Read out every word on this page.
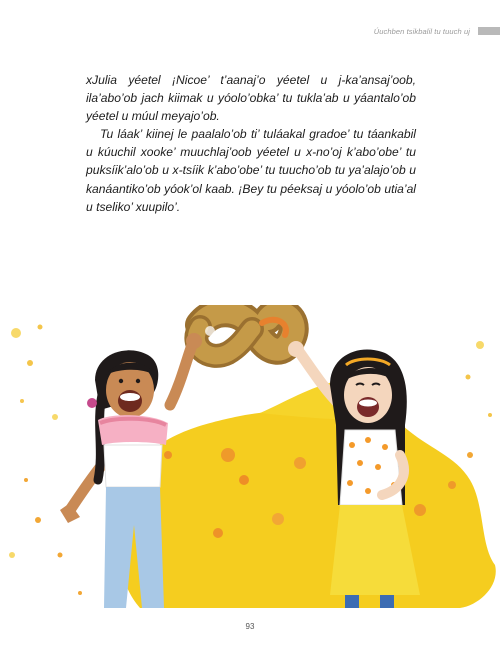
Úuchben tsikbalil tu tuuch uj

xJulia yéetel ¡Nicoe’ t’aanaj’o yéetel u j-ka’ansaj’oob, ila’abo’ob jach kiimak u yóolo’obka’ tu tukla’ab u yáantalo’ob yéetel u múul meyajo’ob.

Tu láak’ kiinej le paalalo’ob ti’ tuláakal gradoe’ tu táankabil u kúuchil xooke’ muuchlaj’oob yéetel u x-no’oj k’abo’obe’ tu puksíik’alo’ob u x-tsíik k’abo’obe’ tu tuucho’ob tu ya’alajo’ob u kanáantiko’ob yóok’ol kaab. ¡Bey tu péeksaj u yóolo’ob utia’al u tseliko’ xuupilo’.

93
